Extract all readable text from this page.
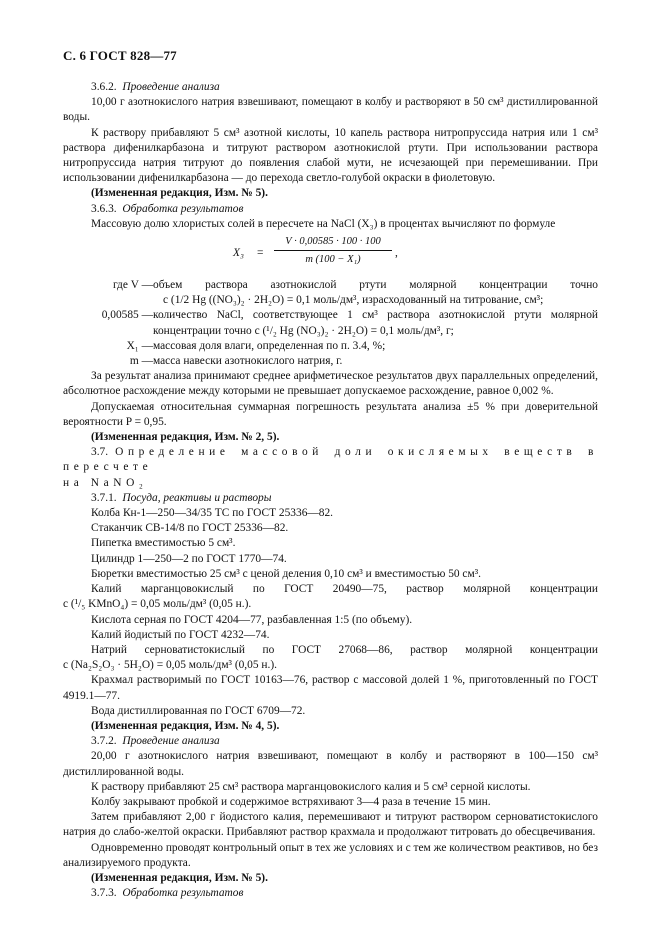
С. 6 ГОСТ 828—77

3.6.2. Проведение анализа

10,00 г азотнокислого натрия взвешивают, помещают в колбу и растворяют в 50 см³ дистиллированной воды.

К раствору прибавляют 5 см³ азотной кислоты, 10 капель раствора нитропруссида натрия или 1 см³ раствора дифенилкарбазона и титруют раствором азотнокислой ртути. При использовании раствора нитропруссида натрия титруют до появления слабой мути, не исчезающей при перемешивании. При использовании дифенилкарбазона — до перехода светло-голубой окраски в фиолетовую.

(Измененная редакция, Изм. № 5).

3.6.3. Обработка результатов

Массовую долю хлористых солей в пересчете на NaCl (X₃) в процентах вычисляют по формуле

X₃ =
V · 0,00585 · 100 · 100
m (100 − X₁)
,
где V — объем раствора азотнокислой ртути молярной концентрации точно
c (1/2 Hg ((NO₃)₂ · 2H₂O) = 0,1 моль/дм³, израсходованный на титрование, см³;
0,00585 — количество NaCl, соответствующее 1 см³ раствора азотнокислой ртути молярной концентрации точно c (¹/₂ Hg (NO₃)₂ · 2H₂O) = 0,1 моль/дм³, г;
X₁ — массовая доля влаги, определенная по п. 3.4, %;
m — масса навески азотнокислого натрия, г.

За результат анализа принимают среднее арифметическое результатов двух параллельных определений, абсолютное расхождение между которыми не превышает допускаемое расхождение, равное 0,002 %.

Допускаемая относительная суммарная погрешность результата анализа ±5 % при доверительной вероятности P = 0,95.

(Измененная редакция, Изм. № 2, 5).

3.7. Определение массовой доли окисляемых веществ в пересчете

на NaNO₂

3.7.1. Посуда, реактивы и растворы

Колба Кн-1—250—34/35 ТС по ГОСТ 25336—82.

Стаканчик СВ-14/8 по ГОСТ 25336—82.

Пипетка вместимостью 5 см³.

Цилиндр 1—250—2 по ГОСТ 1770—74.

Бюретки вместимостью 25 см³ с ценой деления 0,10 см³ и вместимостью 50 см³.

Калий марганцовокислый по ГОСТ 20490—75, раствор молярной концентрации

c (¹/₅ KMnO₄) = 0,05 моль/дм³ (0,05 н.).

Кислота серная по ГОСТ 4204—77, разбавленная 1:5 (по объему).

Калий йодистый по ГОСТ 4232—74.

Натрий серноватистокислый по ГОСТ 27068—86, раствор молярной концентрации

c (Na₂S₂O₃ · 5H₂O) = 0,05 моль/дм³ (0,05 н.).

Крахмал растворимый по ГОСТ 10163—76, раствор с массовой долей 1 %, приготовленный по ГОСТ 4919.1—77.

Вода дистиллированная по ГОСТ 6709—72.

(Измененная редакция, Изм. № 4, 5).

3.7.2. Проведение анализа

20,00 г азотнокислого натрия взвешивают, помещают в колбу и растворяют в 100—150 см³ дистиллированной воды.

К раствору прибавляют 25 см³ раствора марганцовокислого калия и 5 см³ серной кислоты.

Колбу закрывают пробкой и содержимое встряхивают 3—4 раза в течение 15 мин.

Затем прибавляют 2,00 г йодистого калия, перемешивают и титруют раствором серноватистокислого натрия до слабо-желтой окраски. Прибавляют раствор крахмала и продолжают титровать до обесцвечивания.

Одновременно проводят контрольный опыт в тех же условиях и с тем же количеством реактивов, но без анализируемого продукта.

(Измененная редакция, Изм. № 5).

3.7.3. Обработка результатов
